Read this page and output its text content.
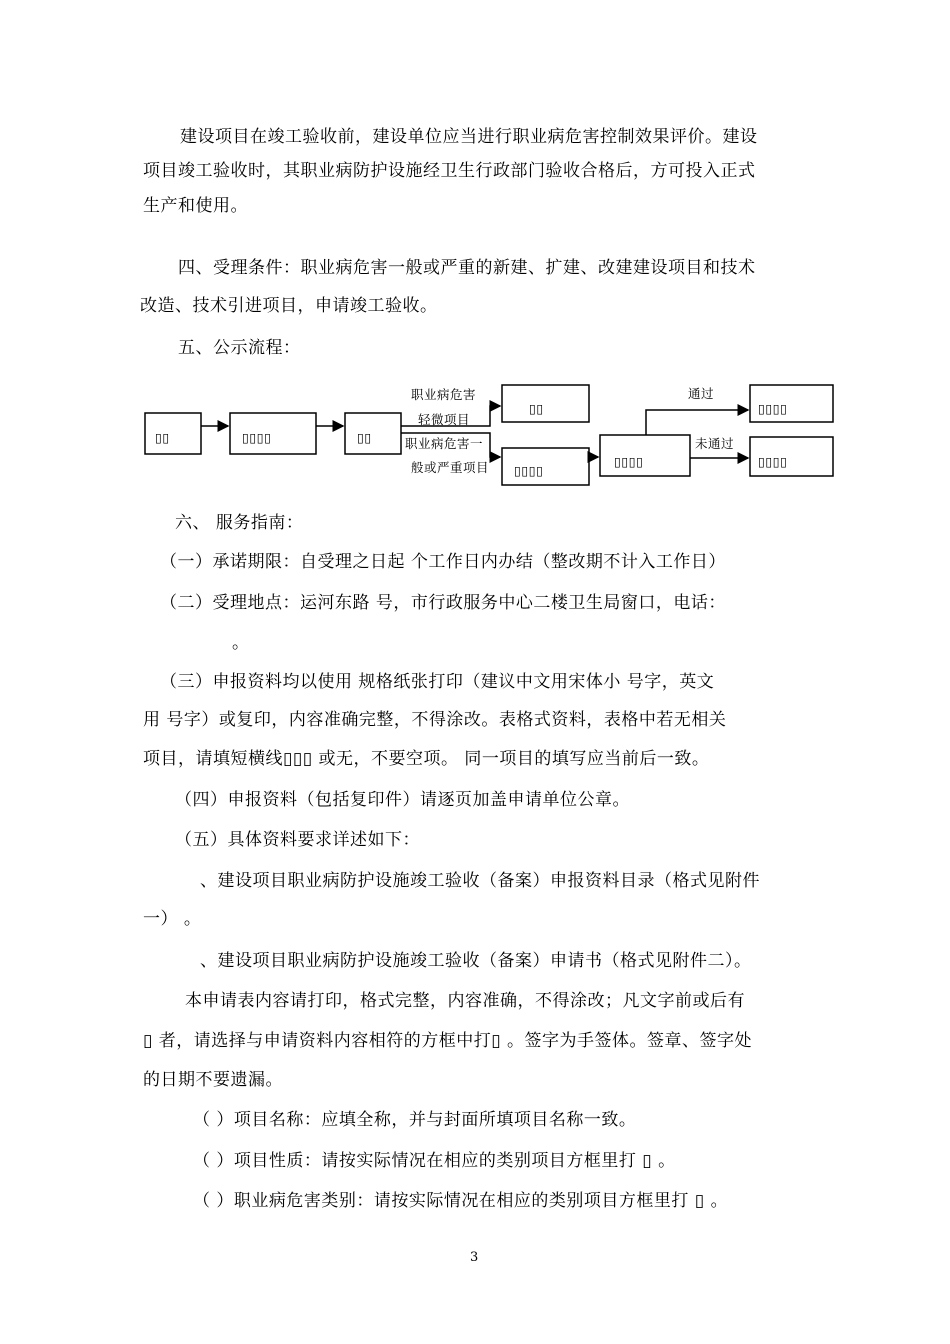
建设项目在竣工验收前，建设单位应当进行职业病危害控制效果评价。建设
项目竣工验收时，其职业病防护设施经卫生行政部门验收合格后，方可投入正式
生产和使用。
四、受理条件：职业病危害一般或严重的新建、扩建、改建建设项目和技术
改造、技术引进项目，申请竣工验收。
五、公示流程：
▯▯	▯▯▯▯	▯▯
▯▯
▯▯▯▯
▯▯▯▯
▯▯▯▯
▯▯▯▯
职业病危害
轻微项目
职业病危害一
般或严重项目
通过
未通过
六、 服务指南：
（一）承诺期限：自受理之日起 个工作日内办结（整改期不计入工作日）
（二）受理地点：运河东路 号，市行政服务中心二楼卫生局窗口，电话：
。
（三）申报资料均以使用 规格纸张打印（建议中文用宋体小 号字，英文
用 号字）或复印，内容准确完整，不得涂改。表格式资料，表格中若无相关
项目，请填短横线▯▯▯ 或无，不要空项。 同一项目的填写应当前后一致。
（四）申报资料（包括复印件）请逐页加盖申请单位公章。
（五）具体资料要求详述如下：
、建设项目职业病防护设施竣工验收（备案）申报资料目录（格式见附件
一） 。
、建设项目职业病防护设施竣工验收（备案）申请书（格式见附件二）。
本申请表内容请打印，格式完整，内容准确，不得涂改；凡文字前或后有
▯ 者，请选择与申请资料内容相符的方框中打▯ 。签字为手签体。签章、签字处
的日期不要遗漏。
（ ）项目名称：应填全称，并与封面所填项目名称一致。
（ ）项目性质：请按实际情况在相应的类别项目方框里打 ▯ 。
（ ）职业病危害类别：请按实际情况在相应的类别项目方框里打 ▯ 。
3
